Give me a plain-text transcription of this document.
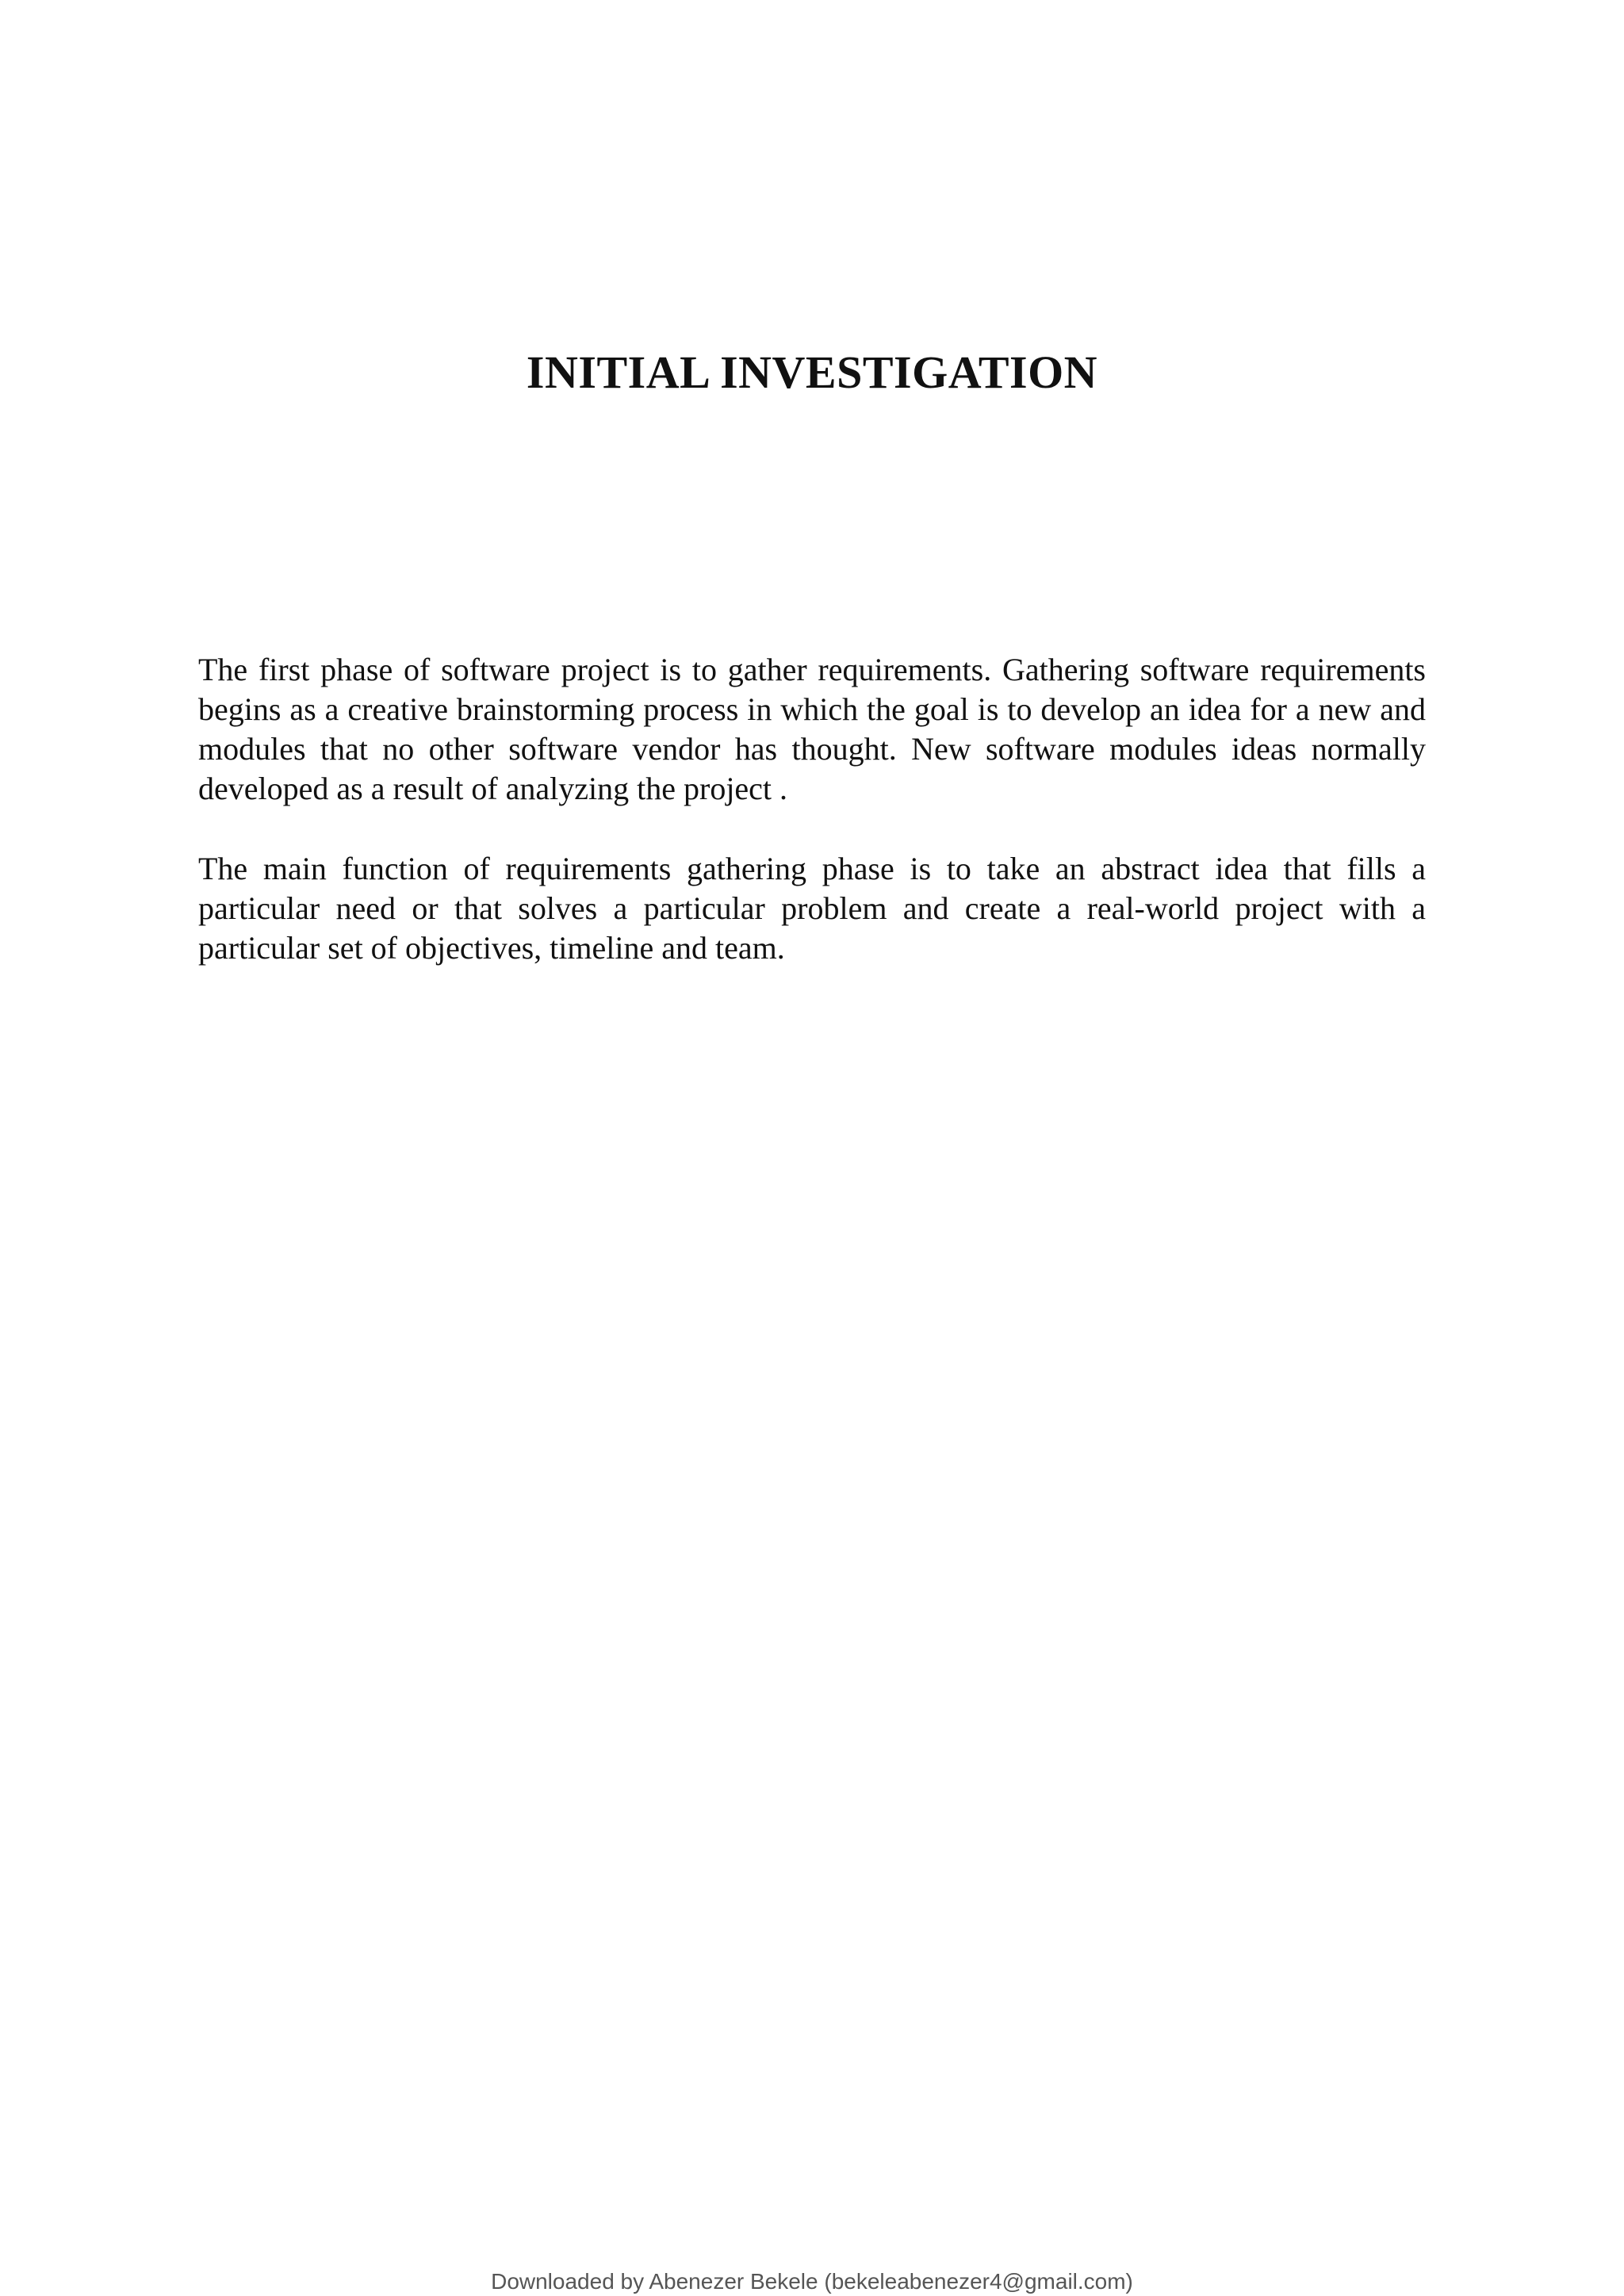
INITIAL INVESTIGATION

The first phase of software project is to gather requirements. Gathering software requirements begins as a creative brainstorming process in which the goal is to develop an idea for a new and modules that no other software vendor has thought. New software modules ideas normally developed as a result of analyzing the project .

The main function of requirements gathering phase is to take an abstract idea that fills a particular need or that solves a particular problem and create a real-world project with a particular set of objectives, timeline and team.

Downloaded by Abenezer Bekele (bekeleabenezer4@gmail.com)
